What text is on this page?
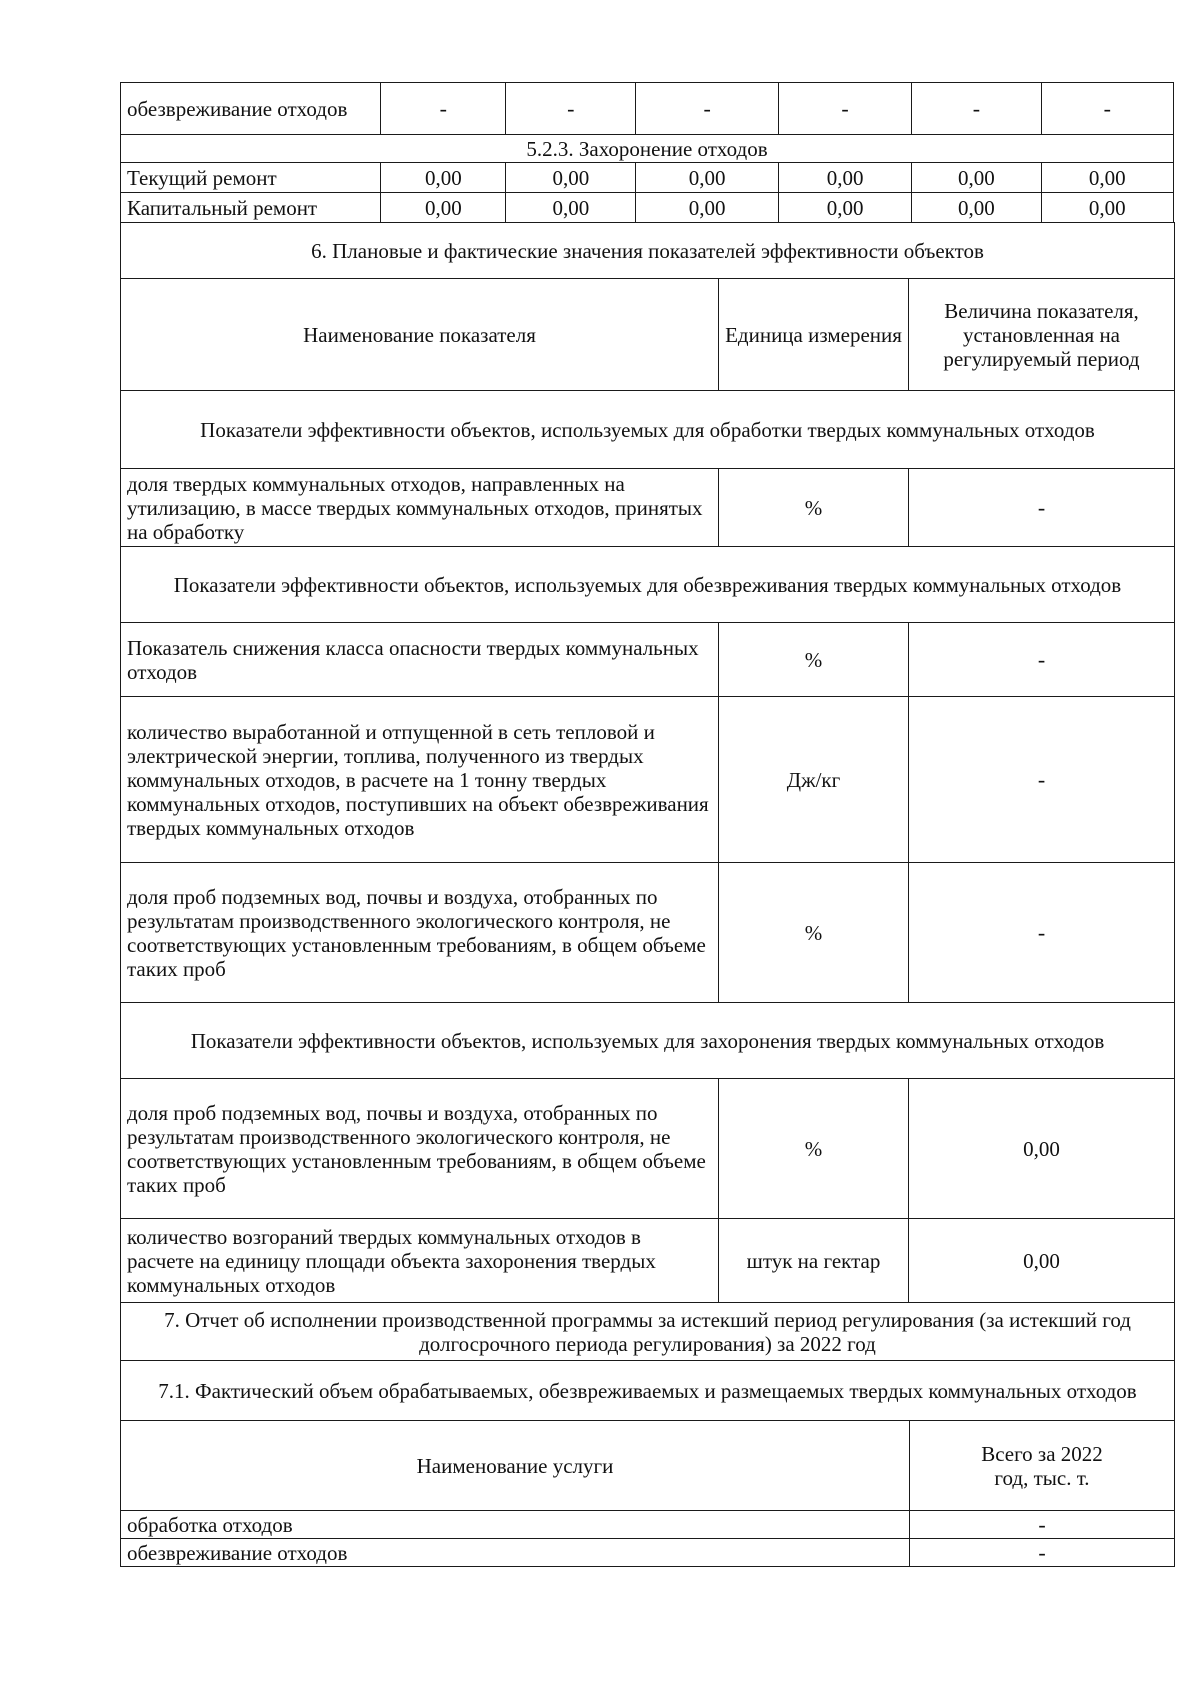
обезвреживание отходов	-	-	-	-	-	-
5.2.3. Захоронение отходов						
Текущий ремонт	0,00	0,00	0,00	0,00	0,00	0,00
Капитальный ремонт	0,00	0,00	0,00	0,00	0,00	0,00
6. Плановые и фактические значения показателей эффективности объектов		
Наименование показателя	Единица измерения	Величина показателя, установленная на регулируемый период
Показатели эффективности объектов, используемых для обработки твердых коммунальных отходов		
доля твердых коммунальных отходов, направленных на утилизацию, в массе твердых коммунальных отходов, принятых на обработку	%	-
Показатели эффективности объектов, используемых для обезвреживания твердых коммунальных отходов		
Показатель снижения класса опасности твердых коммунальных отходов	%	-
количество выработанной и отпущенной в сеть тепловой и электрической энергии, топлива, полученного из твердых коммунальных отходов, в расчете на 1 тонну твердых коммунальных отходов, поступивших на объект обезвреживания твердых коммунальных отходов	Дж/кг	-
доля проб подземных вод, почвы и воздуха, отобранных по результатам производственного экологического контроля, не соответствующих установленным требованиям, в общем объеме таких проб	%	-
Показатели эффективности объектов, используемых для захоронения твердых коммунальных отходов		
доля проб подземных вод, почвы и воздуха, отобранных по результатам производственного экологического контроля, не соответствующих установленным требованиям, в общем объеме таких проб	%	0,00
количество возгораний твердых коммунальных отходов в расчете на единицу площади объекта захоронения твердых коммунальных отходов	штук на гектар	0,00
7. Отчет об исполнении производственной программы за истекший период регулирования (за истекший год долгосрочного периода регулирования) за 2022 год		
7.1. Фактический объем обрабатываемых, обезвреживаемых и размещаемых твердых коммунальных отходов		
Наименование услуги	Всего за 2022 год, тыс. т.
обработка отходов	-
обезвреживание отходов	-
